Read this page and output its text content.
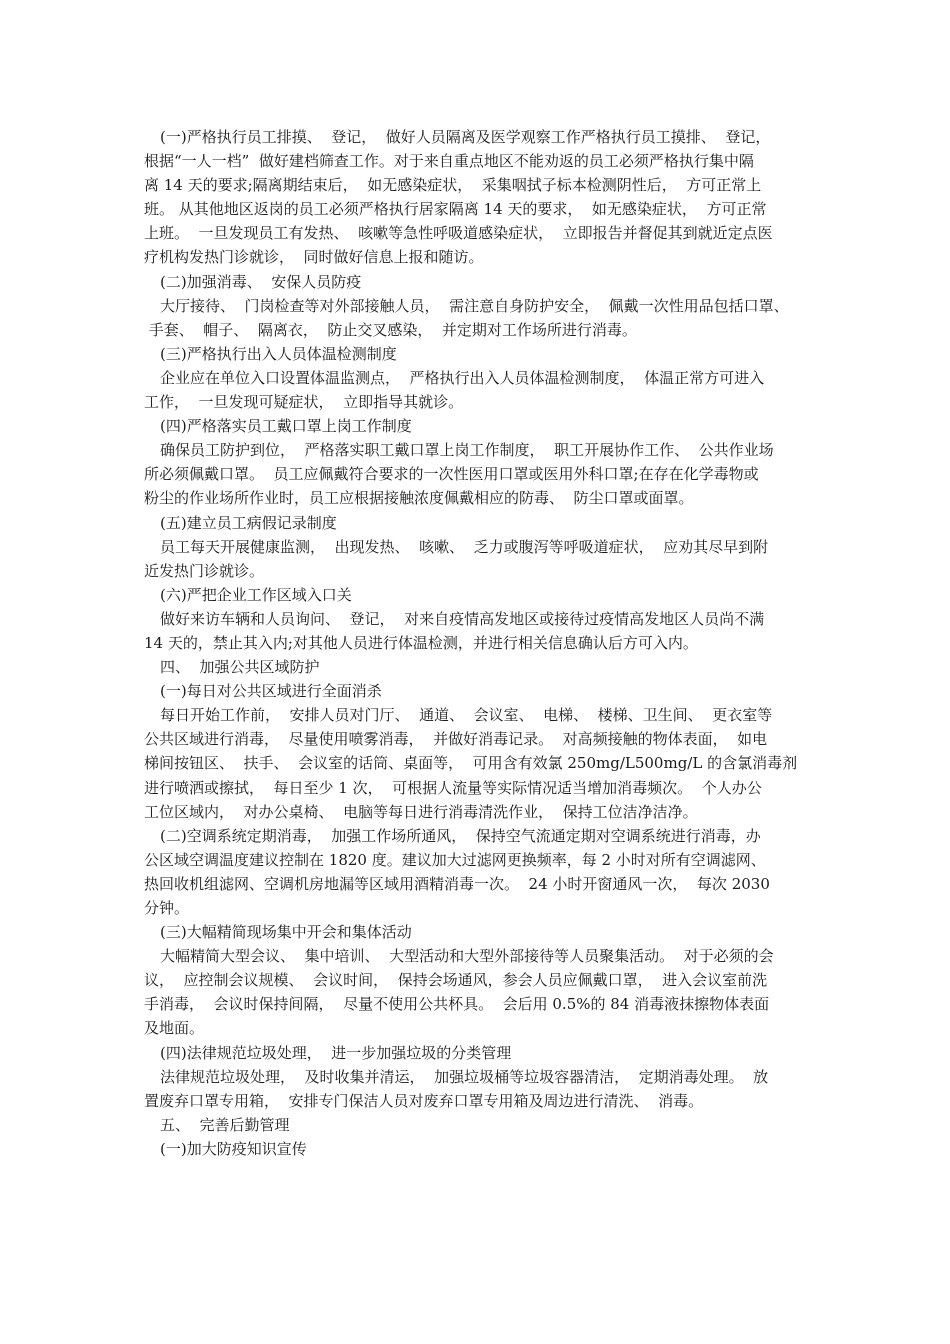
(一)严格执行员工排摸、  登记，  做好人员隔离及医学观察工作严格执行员工摸排、  登记，
根据“一人一档”  做好建档筛查工作。对于来自重点地区不能劝返的员工必须严格执行集中隔
离 14 天的要求;隔离期结束后，  如无感染症状，  采集咽拭子标本检测阴性后，  方可正常上
班。 从其他地区返岗的员工必须严格执行居家隔离 14 天的要求，  如无感染症状，  方可正常
上班。  一旦发现员工有发热、  咳嗽等急性呼吸道感染症状，  立即报告并督促其到就近定点医
疗机构发热门诊就诊，  同时做好信息上报和随访。
(二)加强消毒、  安保人员防疫
大厅接待、  门岗检查等对外部接触人员，  需注意自身防护安全，  佩戴一次性用品包括口罩、
手套、  帽子、  隔离衣，  防止交叉感染，  并定期对工作场所进行消毒。
(三)严格执行出入人员体温检测制度
企业应在单位入口设置体温监测点，  严格执行出入人员体温检测制度，  体温正常方可进入
工作，  一旦发现可疑症状，  立即指导其就诊。
(四)严格落实员工戴口罩上岗工作制度
确保员工防护到位，  严格落实职工戴口罩上岗工作制度，  职工开展协作工作、  公共作业场
所必须佩戴口罩。  员工应佩戴符合要求的一次性医用口罩或医用外科口罩;在存在化学毒物或
粉尘的作业场所作业时，员工应根据接触浓度佩戴相应的防毒、  防尘口罩或面罩。
(五)建立员工病假记录制度
员工每天开展健康监测，  出现发热、  咳嗽、  乏力或腹泻等呼吸道症状，  应劝其尽早到附
近发热门诊就诊。
(六)严把企业工作区域入口关
做好来访车辆和人员询问、  登记，  对来自疫情高发地区或接待过疫情高发地区人员尚不满
14 天的，禁止其入内;对其他人员进行体温检测，并进行相关信息确认后方可入内。
四、  加强公共区域防护
(一)每日对公共区域进行全面消杀
每日开始工作前，  安排人员对门厅、  通道、  会议室、  电梯、  楼梯、卫生间、  更衣室等
公共区域进行消毒，  尽量使用喷雾消毒，  并做好消毒记录。  对高频接触的物体表面，  如电
梯间按钮区、  扶手、  会议室的话筒、桌面等，  可用含有效氯 250mg/L500mg/L 的含氯消毒剂
进行喷洒或擦拭，  每日至少 1 次，  可根据人流量等实际情况适当增加消毒频次。  个人办公
工位区域内，  对办公桌椅、  电脑等每日进行消毒清洗作业，  保持工位洁净洁净。
(二)空调系统定期消毒，  加强工作场所通风，  保持空气流通定期对空调系统进行消毒，办
公区域空调温度建议控制在 1820 度。建议加大过滤网更换频率，每 2 小时对所有空调滤网、
热回收机组滤网、空调机房地漏等区域用酒精消毒一次。  24 小时开窗通风一次，  每次 2030
分钟。
(三)大幅精简现场集中开会和集体活动
大幅精简大型会议、  集中培训、  大型活动和大型外部接待等人员聚集活动。  对于必须的会
议，  应控制会议规模、  会议时间，  保持会场通风，参会人员应佩戴口罩，  进入会议室前洗
手消毒，  会议时保持间隔，  尽量不使用公共杯具。  会后用 0.5%的 84 消毒液抹擦物体表面
及地面。
(四)法律规范垃圾处理，  进一步加强垃圾的分类管理
法律规范垃圾处理，  及时收集并清运，  加强垃圾桶等垃圾容器清洁，  定期消毒处理。  放
置废弃口罩专用箱，  安排专门保洁人员对废弃口罩专用箱及周边进行清洗、  消毒。
五、  完善后勤管理
(一)加大防疫知识宣传
